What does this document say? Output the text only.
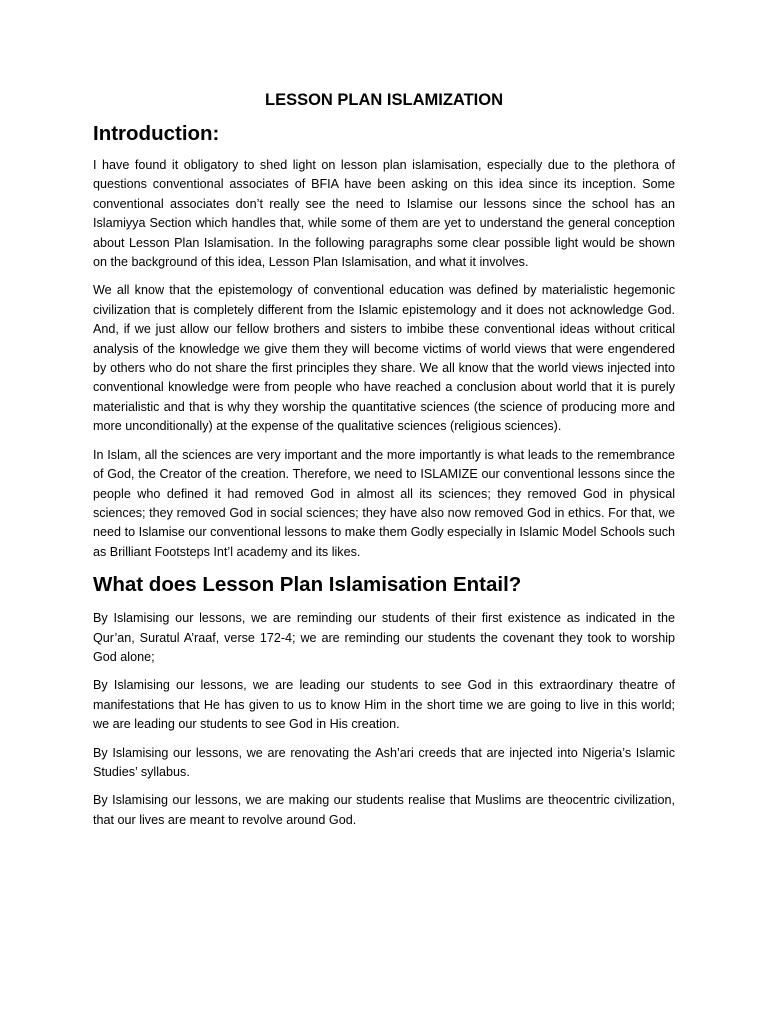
LESSON PLAN ISLAMIZATION
Introduction:

I have found it obligatory to shed light on lesson plan islamisation, especially due to the plethora of questions conventional associates of BFIA have been asking on this idea since its inception. Some conventional associates don’t really see the need to Islamise our lessons since the school has an Islamiyya Section which handles that, while some of them are yet to understand the general conception about Lesson Plan Islamisation. In the following paragraphs some clear possible light would be shown on the background of this idea, Lesson Plan Islamisation, and what it involves.

We all know that the epistemology of conventional education was defined by materialistic hegemonic civilization that is completely different from the Islamic epistemology and it does not acknowledge God. And, if we just allow our fellow brothers and sisters to imbibe these conventional ideas without critical analysis of the knowledge we give them they will become victims of world views that were engendered by others who do not share the first principles they share. We all know that the world views injected into conventional knowledge were from people who have reached a conclusion about world that it is purely materialistic and that is why they worship the quantitative sciences (the science of producing more and more unconditionally) at the expense of the qualitative sciences (religious sciences).

In Islam, all the sciences are very important and the more importantly is what leads to the remembrance of God, the Creator of the creation. Therefore, we need to ISLAMIZE our conventional lessons since the people who defined it had removed God in almost all its sciences; they removed God in physical sciences; they removed God in social sciences; they have also now removed God in ethics. For that, we need to Islamise our conventional lessons to make them Godly especially in Islamic Model Schools such as Brilliant Footsteps Int’l academy and its likes.

What does Lesson Plan Islamisation Entail?

By Islamising our lessons, we are reminding our students of their first existence as indicated in the Qur’an, Suratul A’raaf, verse 172-4; we are reminding our students the covenant they took to worship God alone;

By Islamising our lessons, we are leading our students to see God in this extraordinary theatre of manifestations that He has given to us to know Him in the short time we are going to live in this world; we are leading our students to see God in His creation.

By Islamising our lessons, we are renovating the Ash’ari creeds that are injected into Nigeria’s Islamic Studies’ syllabus.

By Islamising our lessons, we are making our students realise that Muslims are theocentric civilization, that our lives are meant to revolve around God.
